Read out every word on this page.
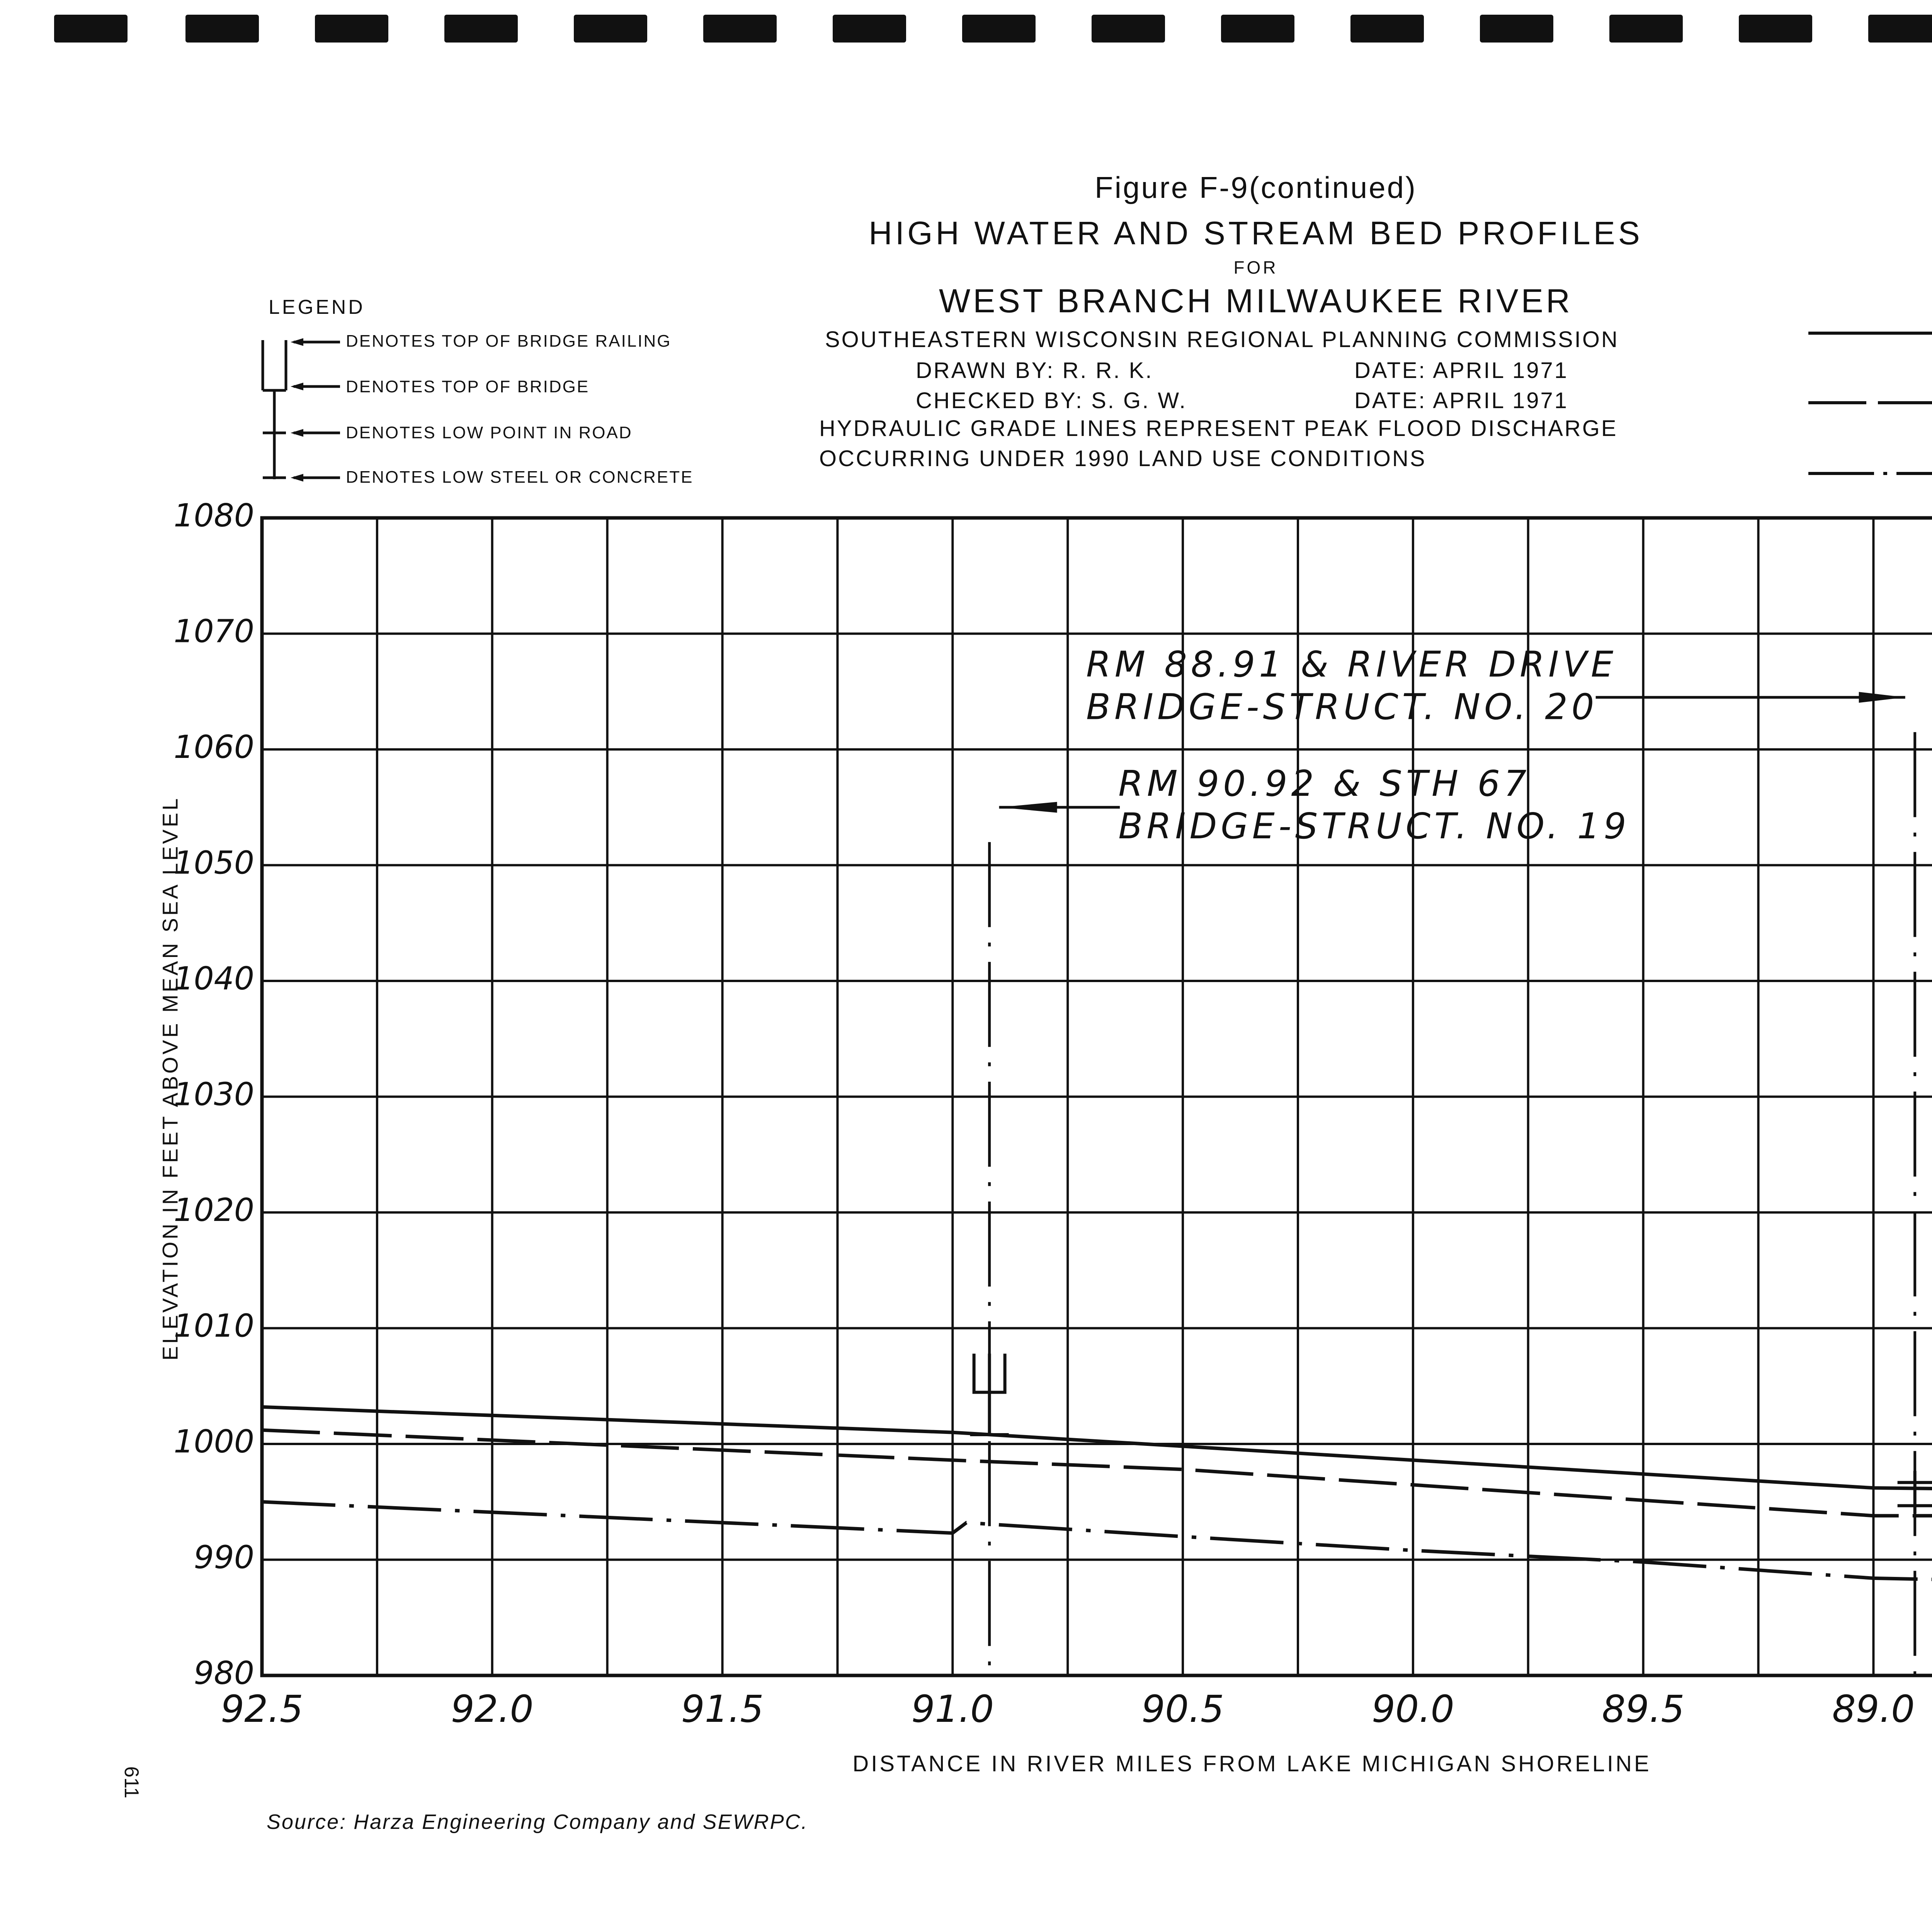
Figure F-9(continued)
HIGH WATER AND STREAM BED PROFILES
FOR
WEST BRANCH MILWAUKEE RIVER
SOUTHEASTERN WISCONSIN REGIONAL PLANNING COMMISSION
DRAWN BY: R. R. K.	DATE: APRIL 1971
CHECKED BY: S. G. W.	DATE: APRIL 1971
HYDRAULIC GRADE LINES REPRESENT PEAK FLOOD DISCHARGE
OCCURRING UNDER 1990 LAND USE CONDITIONS
LEGEND
DENOTES TOP OF BRIDGE RAILING
DENOTES TOP OF BRIDGE
DENOTES LOW POINT IN ROAD
DENOTES LOW STEEL OR CONCRETE
ELEVATION IN FEET ABOVE MEAN SEA LEVEL
DISTANCE IN RIVER MILES FROM LAKE MICHIGAN SHORELINE
980
990
1000
1010
1020
1030
1040
1050
1060
1070
1080
92.5	92.0	91.5	91.0	90.5	90.0	89.5	89.0
RM 90.92 & STH 67
BRIDGE-STRUCT. NO. 19
RM 88.91 & RIVER DRIVE
BRIDGE-STRUCT. NO. 20
Source: Harza Engineering Company and SEWRPC.
611
